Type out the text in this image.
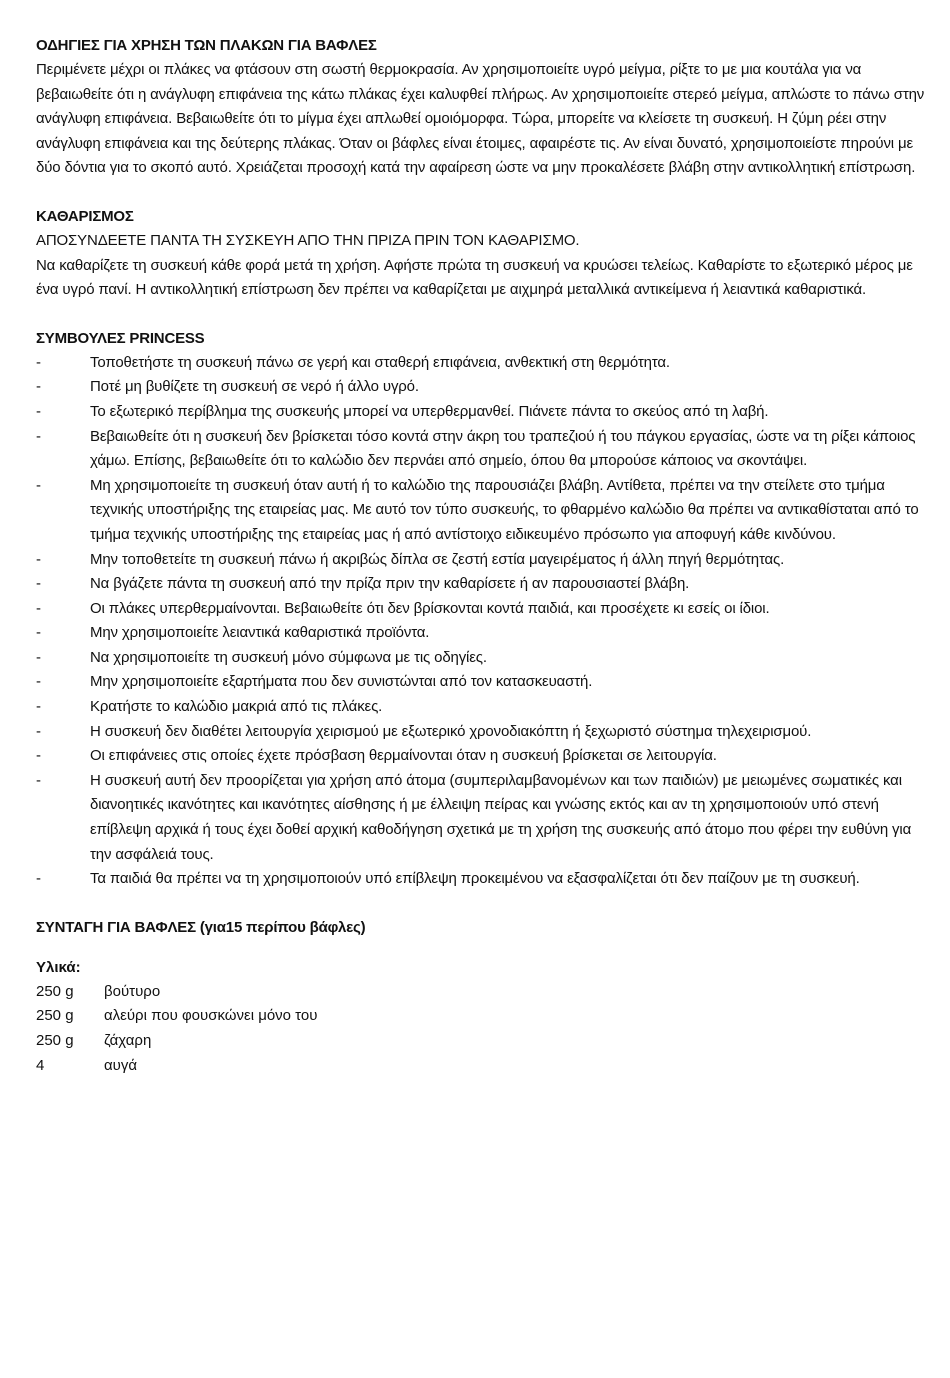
ΟΔΗΓΙΕΣ ΓΙΑ ΧΡΗΣΗ ΤΩΝ ΠΛΑΚΩΝ ΓΙΑ ΒΑΦΛΕΣ

Περιμένετε μέχρι οι πλάκες να φτάσουν στη σωστή θερμοκρασία. Αν χρησιμοποιείτε υγρό μείγμα, ρίξτε το με μια κουτάλα για να βεβαιωθείτε ότι η ανάγλυφη επιφάνεια της κάτω πλάκας έχει καλυφθεί πλήρως. Αν χρησιμοποιείτε στερεό μείγμα, απλώστε το πάνω στην ανάγλυφη επιφάνεια. Βεβαιωθείτε ότι το μίγμα έχει απλωθεί ομοιόμορφα. Τώρα, μπορείτε να κλείσετε τη συσκευή. Η ζύμη ρέει στην ανάγλυφη επιφάνεια και της δεύτερης πλάκας. Όταν οι βάφλες είναι έτοιμες, αφαιρέστε τις. Αν είναι δυνατό, χρησιμοποιείστε πηρούνι με δύο δόντια για το σκοπό αυτό. Χρειάζεται προσοχή κατά την αφαίρεση ώστε να μην προκαλέσετε βλάβη στην αντικολλητική επίστρωση.

ΚΑΘΑΡΙΣΜΟΣ

ΑΠΟΣΥΝΔΕΕΤΕ ΠΑΝΤΑ ΤΗ ΣΥΣΚΕΥΗ ΑΠΟ ΤΗΝ ΠΡΙΖΑ ΠΡΙΝ ΤΟΝ ΚΑΘΑΡΙΣΜΟ.

Να καθαρίζετε τη συσκευή κάθε φορά μετά τη χρήση. Αφήστε πρώτα τη συσκευή να κρυώσει τελείως. Καθαρίστε το εξωτερικό μέρος με ένα υγρό πανί. Η αντικολλητική επίστρωση δεν πρέπει να καθαρίζεται με αιχμηρά μεταλλικά αντικείμενα ή λειαντικά καθαριστικά.

ΣΥΜΒΟΥΛΕΣ PRINCESS
-	Τοποθετήστε τη συσκευή πάνω σε γερή και σταθερή επιφάνεια, ανθεκτική στη θερμότητα.
-	Ποτέ μη βυθίζετε τη συσκευή σε νερό ή άλλο υγρό.
-	Το εξωτερικό περίβλημα της συσκευής μπορεί να υπερθερμανθεί. Πιάνετε πάντα το σκεύος από τη λαβή.
-	Βεβαιωθείτε ότι η συσκευή δεν βρίσκεται τόσο κοντά στην άκρη του τραπεζιού ή του πάγκου εργασίας, ώστε να τη ρίξει κάποιος χάμω. Επίσης, βεβαιωθείτε ότι το καλώδιο δεν περνάει από σημείο, όπου θα μπορούσε κάποιος να σκοντάψει.
-	Μη χρησιμοποιείτε τη συσκευή όταν αυτή ή το καλώδιο της παρουσιάζει βλάβη. Αντίθετα, πρέπει να την στείλετε στο τμήμα τεχνικής υποστήριξης της εταιρείας μας. Με αυτό τον τύπο συσκευής, το φθαρμένο καλώδιο θα πρέπει να αντικαθίσταται από το τμήμα τεχνικής υποστήριξης της εταιρείας μας ή από αντίστοιχο ειδικευμένο πρόσωπο για αποφυγή κάθε κινδύνου.
-	Μην τοποθετείτε τη συσκευή πάνω ή ακριβώς δίπλα σε ζεστή εστία μαγειρέματος ή άλλη πηγή θερμότητας.
-	Να βγάζετε πάντα τη συσκευή από την πρίζα πριν την καθαρίσετε ή αν παρουσιαστεί βλάβη.
-	Οι πλάκες υπερθερμαίνονται. Βεβαιωθείτε ότι δεν βρίσκονται κοντά παιδιά, και προσέχετε κι εσείς οι ίδιοι.
-	Μην χρησιμοποιείτε λειαντικά καθαριστικά προϊόντα.
-	Να χρησιμοποιείτε τη συσκευή μόνο σύμφωνα με τις οδηγίες.
-	Μην χρησιμοποιείτε εξαρτήματα που δεν συνιστώνται από τον κατασκευαστή.
-	Κρατήστε το καλώδιο μακριά από τις πλάκες.
-	Η συσκευή δεν διαθέτει λειτουργία χειρισμού με εξωτερικό χρονοδιακόπτη ή ξεχωριστό σύστημα τηλεχειρισμού.
-	Οι επιφάνειες στις οποίες έχετε πρόσβαση θερμαίνονται όταν η συσκευή βρίσκεται σε λειτουργία.
-	Η συσκευή αυτή δεν προορίζεται για χρήση από άτομα (συμπεριλαμβανομένων και των παιδιών) με μειωμένες σωματικές και διανοητικές ικανότητες και ικανότητες αίσθησης ή με έλλειψη πείρας και γνώσης εκτός και αν τη χρησιμοποιούν υπό στενή επίβλεψη αρχικά ή τους έχει δοθεί αρχική καθοδήγηση σχετικά με τη χρήση της συσκευής από άτομο που φέρει την ευθύνη για την ασφάλειά τους.
-	Τα παιδιά θα πρέπει να τη χρησιμοποιούν υπό επίβλεψη προκειμένου να εξασφαλίζεται ότι δεν παίζουν με τη συσκευή.
ΣΥΝΤΑΓΗ ΓΙΑ ΒΑΦΛΕΣ (για15 περίπου βάφλες)
Υλικά:
250 g	βούτυρο
250 g	αλεύρι που φουσκώνει μόνο του
250 g	ζάχαρη
4	αυγά
